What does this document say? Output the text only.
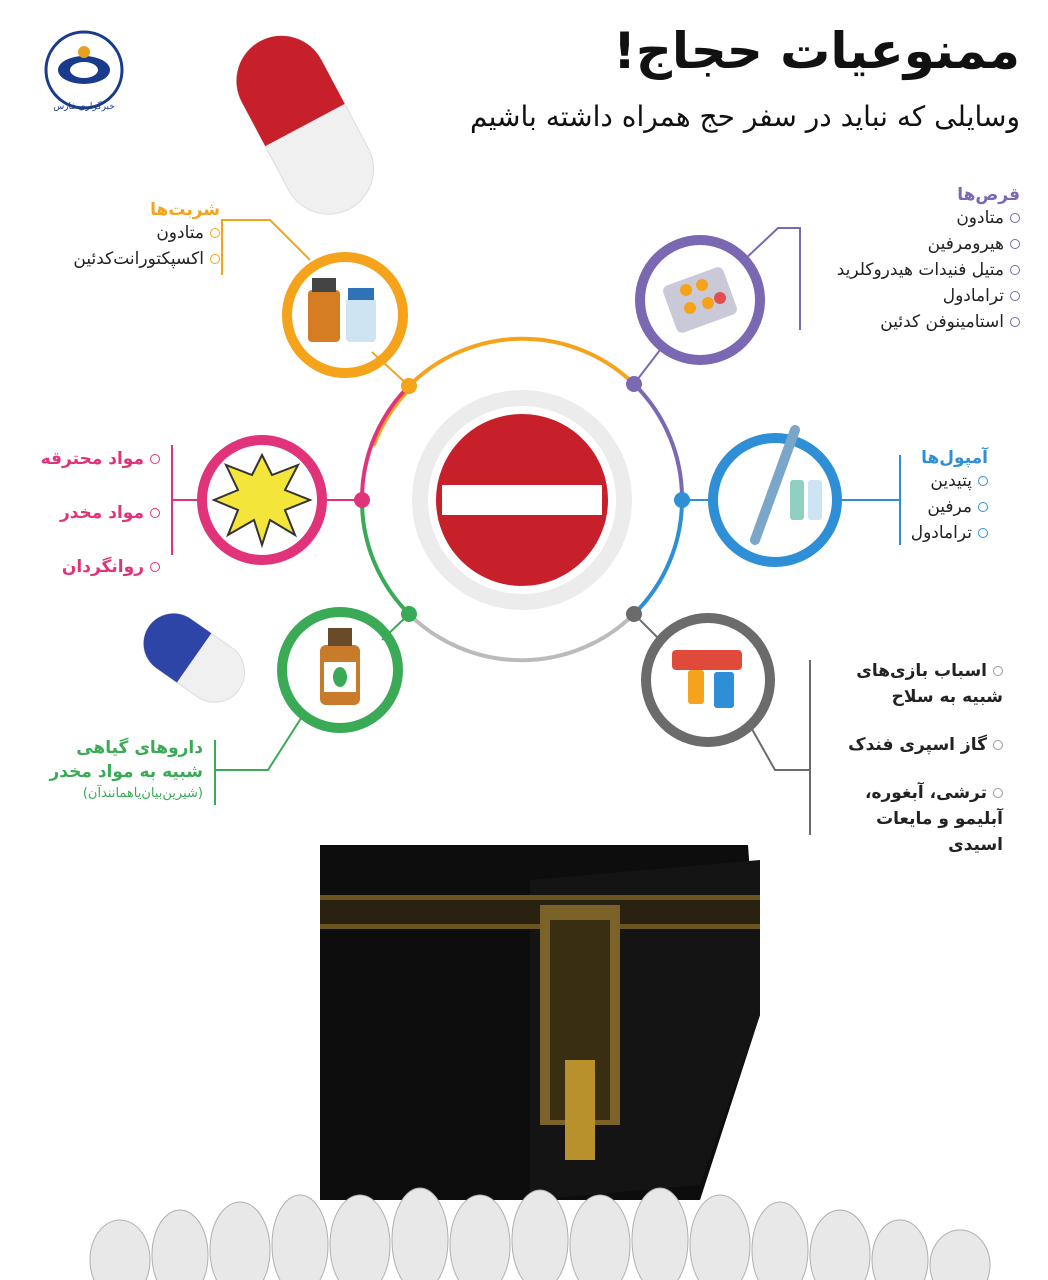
خبرگزاری فارس
ممنوعیات حجاج!
وسایلی که نباید در سفر حج همراه داشته باشیم
شربت‌ها
متادون
اکسپکتورانت‌کدئین
قرص‌ها
متادون
هیرومرفین
متیل فنیدات هیدروکلرید
ترامادول
استامینوفن کدئین
آمپول‌ها
پتیدین
مرفین
ترامادول
مواد محترقه
مواد مخدر
روانگردان
داروهای گیاهی
شبیه به مواد مخدر
(شیرین‌بیان‌یاهمانندآن)
اسباب بازی‌های شبیه به سلاح
گاز اسپری فندک
ترشی، آبغوره، آبلیمو و مایعات اسیدی
